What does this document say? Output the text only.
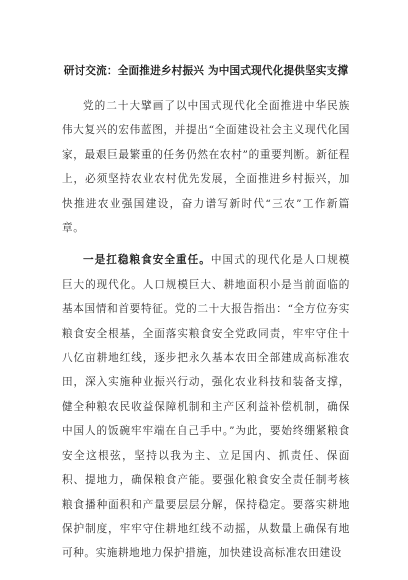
研讨交流：全面推进乡村振兴 为中国式现代化提供坚实支撑

党的二十大擘画了以中国式现代化全面推进中华民族伟大复兴的宏伟蓝图，并提出“全面建设社会主义现代化国家，最艰巨最繁重的任务仍然在农村”的重要判断。新征程上，必须坚持农业农村优先发展，全面推进乡村振兴，加快推进农业强国建设，奋力谱写新时代“三农”工作新篇章。

一是扛稳粮食安全重任。中国式的现代化是人口规模巨大的现代化。人口规模巨大、耕地面积小是当前面临的基本国情和首要特征。党的二十大报告指出：“全方位夯实粮食安全根基，全面落实粮食安全党政同责，牢牢守住十八亿亩耕地红线，逐步把永久基本农田全部建成高标准农田，深入实施种业振兴行动，强化农业科技和装备支撑，健全种粮农民收益保障机制和主产区利益补偿机制，确保中国人的饭碗牢牢端在自己手中。”为此，要始终绷紧粮食安全这根弦，坚持以我为主、立足国内、抓责任、保面积、提地力，确保粮食产能。要强化粮食安全责任制考核粮食播种面积和产量要层层分解，保持稳定。要落实耕地保护制度，牢牢守住耕地红线不动摇，从数量上确保有地可种。实施耕地地力保护措施，加快建设高标准农田建设
